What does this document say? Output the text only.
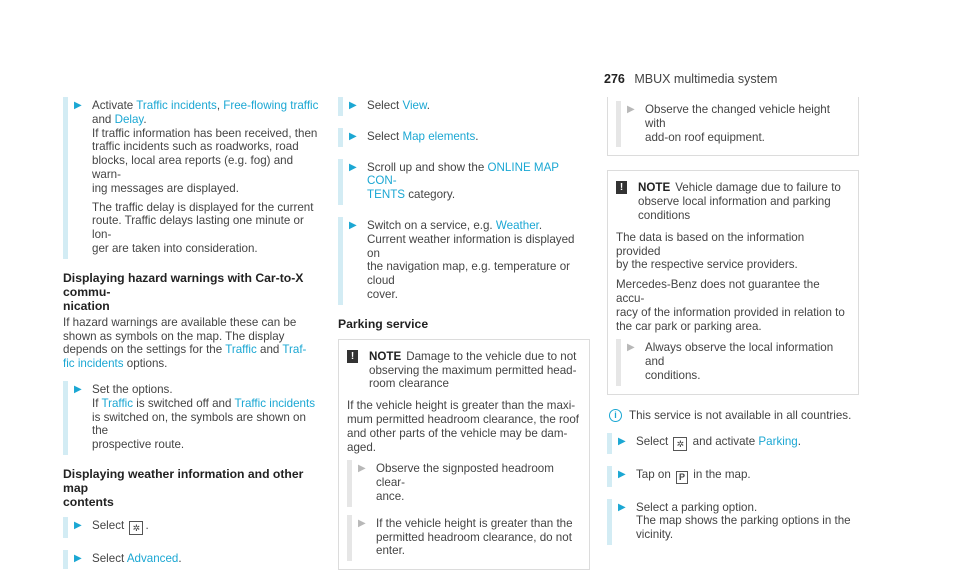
276 MBUX multimedia system
▶ Activate Traffic incidents, Free-flowing traffic
and Delay.
If traffic information has been received, then
traffic incidents such as roadworks, road
blocks, local area reports (e.g. fog) and warn-
ing messages are displayed.
The traffic delay is displayed for the current
route. Traffic delays lasting one minute or lon-
ger are taken into consideration.
Displaying hazard warnings with Car-to-X commu-
nication
If hazard warnings are available these can be
shown as symbols on the map. The display
depends on the settings for the Traffic and Traf-
fic incidents options.
▶ Set the options.
If Traffic is switched off and Traffic incidents
is switched on, the symbols are shown on the
prospective route.
Displaying weather information and other map
contents
▶ Select ✲ .
▶ Select Advanced.
▶ Select View.
▶ Select Map elements.
▶ Scroll up and show the ONLINE MAP CON-
TENTS category.
▶ Switch on a service, e.g. Weather.
Current weather information is displayed on
the navigation map, e.g. temperature or cloud
cover.
Parking service
!	NOTE Damage to the vehicle due to not
observing the maximum permitted head-
room clearance

If the vehicle height is greater than the maxi-
mum permitted headroom clearance, the roof
and other parts of the vehicle may be dam-
aged.

▶ Observe the signposted headroom clear-
ance.
▶ If the vehicle height is greater than the
permitted headroom clearance, do not
enter.
▶ Observe the changed vehicle height with
add-on roof equipment.
!	NOTE Vehicle damage due to failure to
observe local information and parking
conditions

The data is based on the information provided
by the respective service providers.

Mercedes-Benz does not guarantee the accu-
racy of the information provided in relation to
the car park or parking area.

▶ Always observe the local information and
conditions.
i
This service is not available in all countries.
▶ Select ✲ and activate Parking.
▶ Tap on P in the map.
▶ Select a parking option.
The map shows the parking options in the
vicinity.
